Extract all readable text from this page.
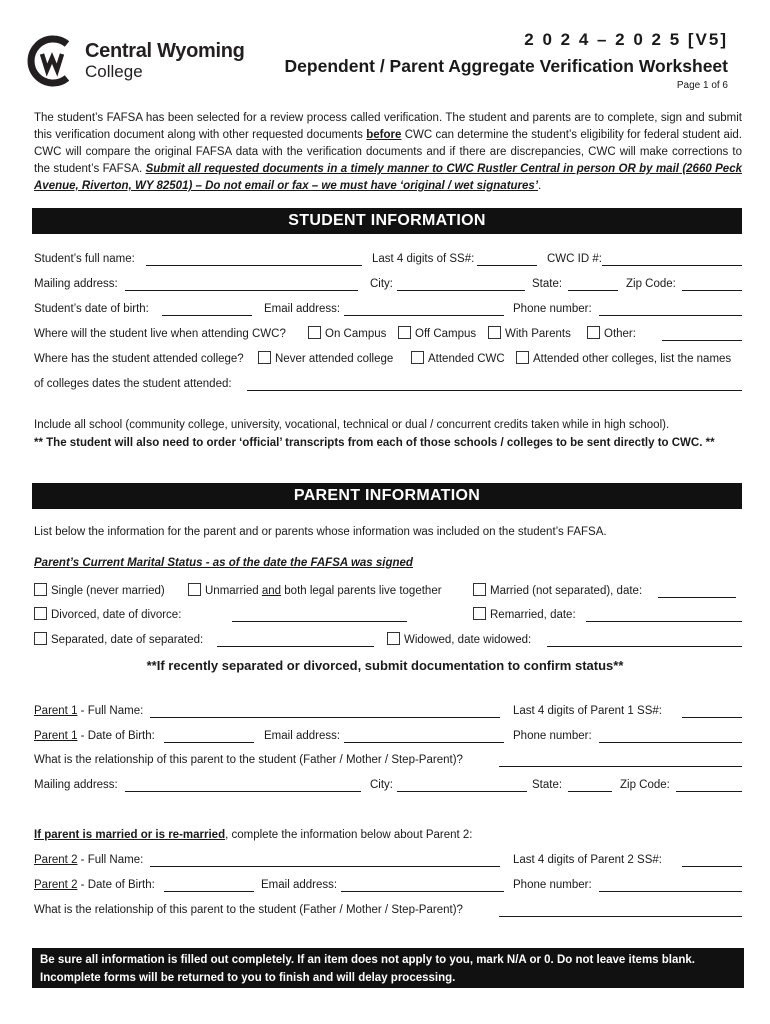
Central Wyoming
College
2 0 2 4 – 2 0 2 5 [V5]
Dependent / Parent Aggregate Verification Worksheet
Page 1 of 6
The student’s FAFSA has been selected for a review process called verification. The student and parents are to complete, sign and submit this verification document along with other requested documents before CWC can determine the student’s eligibility for federal student aid. CWC will compare the original FAFSA data with the verification documents and if there are discrepancies, CWC will make corrections to the student’s FAFSA. Submit all requested documents in a timely manner to CWC Rustler Central in person OR by mail (2660 Peck Avenue, Riverton, WY 82501) – Do not email or fax – we must have ‘original / wet signatures’.
STUDENT INFORMATION
Student’s full name:	Last 4 digits of SS#:	CWC ID #:
Mailing address:	City:	State:	Zip Code:
Student’s date of birth:	Email address:	Phone number:
Where will the student live when attending CWC?	On Campus	Off Campus	With Parents	Other:
Where has the student attended college?	Never attended college	Attended CWC	Attended other colleges, list the names
of colleges dates the student attended:
Include all school (community college, university, vocational, technical or dual / concurrent credits taken while in high school).
** The student will also need to order ‘official’ transcripts from each of those schools / colleges to be sent directly to CWC. **
PARENT INFORMATION
List below the information for the parent and or parents whose information was included on the student’s FAFSA.
Parent’s Current Marital Status - as of the date the FAFSA was signed
Single (never married)	Unmarried and both legal parents live together	Married (not separated), date:
Divorced, date of divorce:	Remarried, date:
Separated, date of separated:	Widowed, date widowed:
**If recently separated or divorced, submit documentation to confirm status**
Parent 1 - Full Name:	Last 4 digits of Parent 1 SS#:
Parent 1 - Date of Birth:	Email address:	Phone number:
What is the relationship of this parent to the student (Father / Mother / Step-Parent)?
Mailing address:	City:	State:	Zip Code:
If parent is married or is re-married, complete the information below about Parent 2:
Parent 2 - Full Name:	Last 4 digits of Parent 2 SS#:
Parent 2 - Date of Birth:	Email address:	Phone number:
What is the relationship of this parent to the student (Father / Mother / Step-Parent)?
Be sure all information is filled out completely. If an item does not apply to you, mark N/A or 0. Do not leave items blank.
Incomplete forms will be returned to you to finish and will delay processing.
